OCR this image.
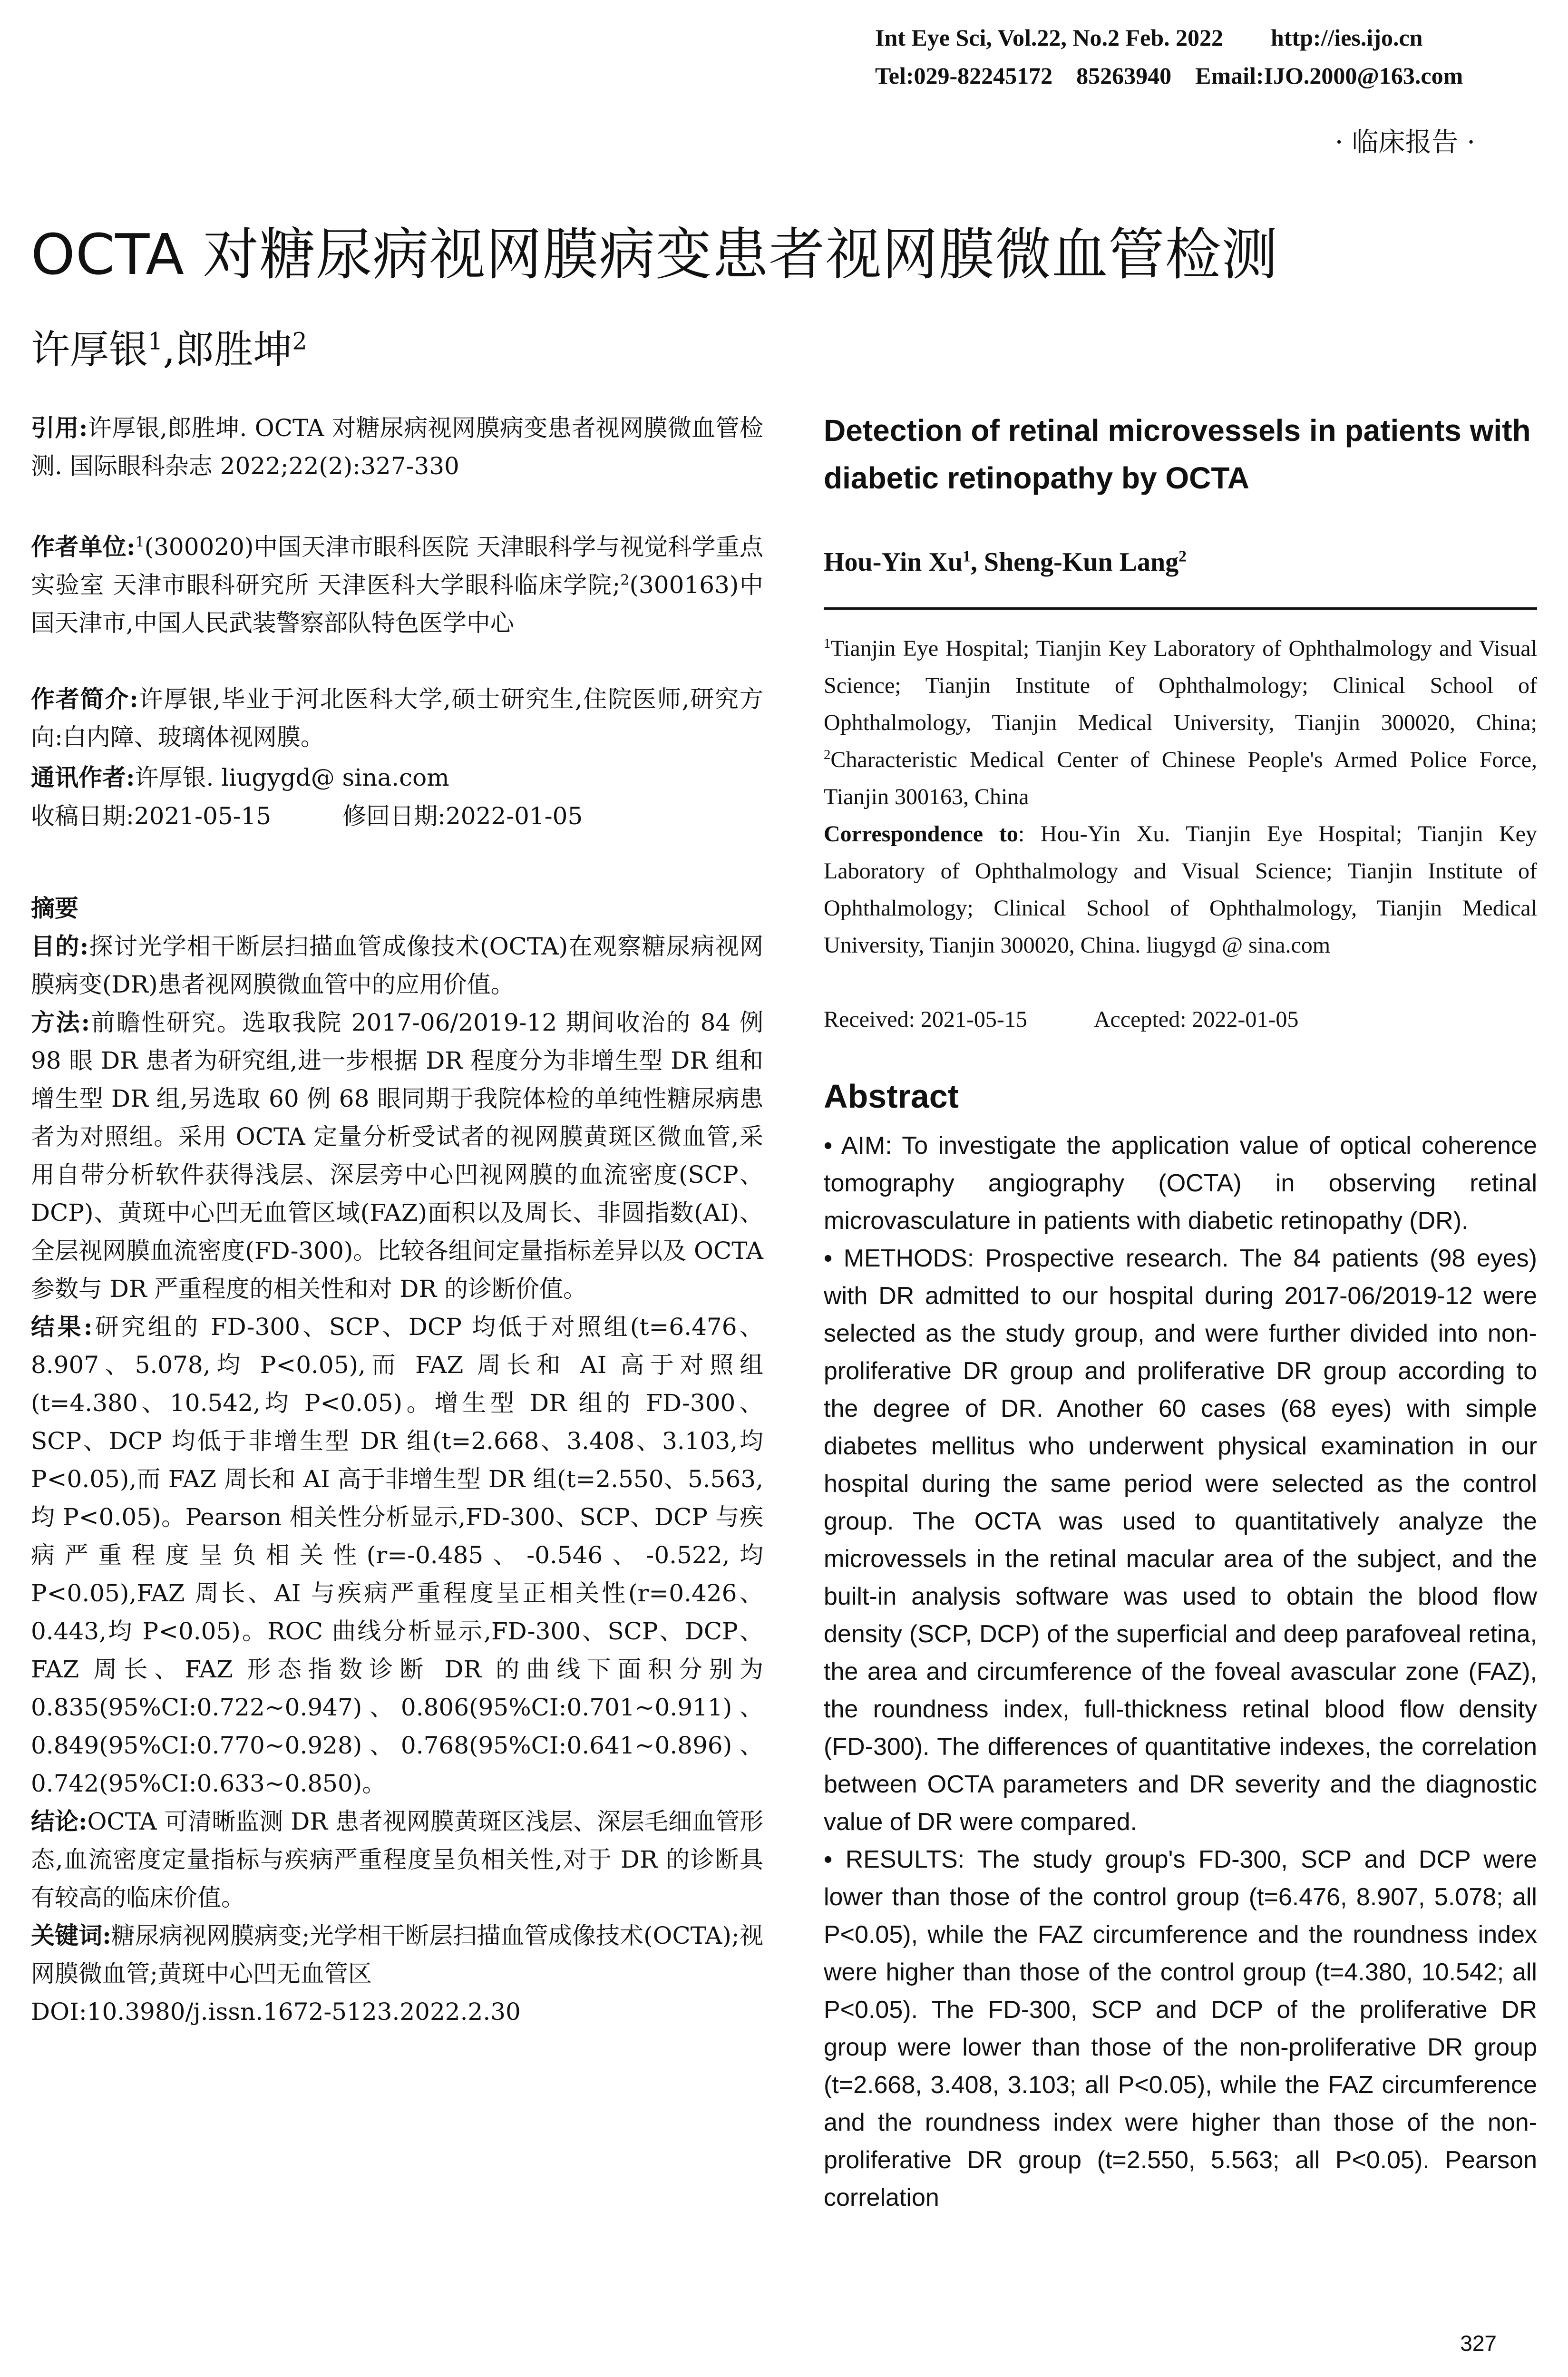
Int Eye Sci, Vol.22, No.2 Feb. 2022        http://ies.ijo.cn
Tel:029-82245172    85263940    Email:IJO.2000@163.com
· 临床报告 ·
OCTA 对糖尿病视网膜病变患者视网膜微血管检测
许厚银$^1$,郎胜坤$^2$
引用:许厚银,郎胜坤. OCTA 对糖尿病视网膜病变患者视网膜微血管检测. 国际眼科杂志 2022;22(2):327-330
作者单位:$^1$(300020)中国天津市眼科医院 天津眼科学与视觉科学重点实验室 天津市眼科研究所 天津医科大学眼科临床学院;$^2$(300163)中国天津市,中国人民武装警察部队特色医学中心
作者简介:许厚银,毕业于河北医科大学,硕士研究生,住院医师,研究方向:白内障、玻璃体视网膜。
通讯作者:许厚银. liugygd@ sina.com
收稿日期:2021-05-15	修回日期:2022-01-05
摘要

目的:探讨光学相干断层扫描血管成像技术(OCTA)在观察糖尿病视网膜病变(DR)患者视网膜微血管中的应用价值。

方法:前瞻性研究。选取我院 2017-06/2019-12 期间收治的 84 例 98 眼 DR 患者为研究组,进一步根据 DR 程度分为非增生型 DR 组和增生型 DR 组,另选取 60 例 68 眼同期于我院体检的单纯性糖尿病患者为对照组。采用 OCTA 定量分析受试者的视网膜黄斑区微血管,采用自带分析软件获得浅层、深层旁中心凹视网膜的血流密度(SCP、DCP)、黄斑中心凹无血管区域(FAZ)面积以及周长、非圆指数(AI)、全层视网膜血流密度(FD-300)。比较各组间定量指标差异以及 OCTA 参数与 DR 严重程度的相关性和对 DR 的诊断价值。

结果:研究组的 FD-300、SCP、DCP 均低于对照组(t=6.476、8.907、5.078,均 P<0.05),而 FAZ 周长和 AI 高于对照组(t=4.380、10.542,均 P<0.05)。增生型 DR 组的 FD-300、SCP、DCP 均低于非增生型 DR 组(t=2.668、3.408、3.103,均 P<0.05),而 FAZ 周长和 AI 高于非增生型 DR 组(t=2.550、5.563,均 P<0.05)。Pearson 相关性分析显示,FD-300、SCP、DCP 与疾病严重程度呈负相关性(r=-0.485、-0.546、-0.522,均 P<0.05),FAZ 周长、AI 与疾病严重程度呈正相关性(r=0.426、0.443,均 P<0.05)。ROC 曲线分析显示,FD-300、SCP、DCP、FAZ 周长、FAZ 形态指数诊断 DR 的曲线下面积分别为 0.835(95%CI:0.722~0.947)、0.806(95%CI:0.701~0.911)、0.849(95%CI:0.770~0.928)、0.768(95%CI:0.641~0.896)、0.742(95%CI:0.633~0.850)。

结论:OCTA 可清晰监测 DR 患者视网膜黄斑区浅层、深层毛细血管形态,血流密度定量指标与疾病严重程度呈负相关性,对于 DR 的诊断具有较高的临床价值。

关键词:糖尿病视网膜病变;光学相干断层扫描血管成像技术(OCTA);视网膜微血管;黄斑中心凹无血管区

DOI:10.3980/j.issn.1672-5123.2022.2.30

Detection of retinal microvessels in patients with diabetic retinopathy by OCTA
Hou-Yin Xu$^1$, Sheng-Kun Lang$^2$
$^1$Tianjin Eye Hospital; Tianjin Key Laboratory of Ophthalmology and Visual Science; Tianjin Institute of Ophthalmology; Clinical School of Ophthalmology, Tianjin Medical University, Tianjin 300020, China; $^2$Characteristic Medical Center of Chinese People's Armed Police Force, Tianjin 300163, China
Correspondence to: Hou-Yin Xu. Tianjin Eye Hospital; Tianjin Key Laboratory of Ophthalmology and Visual Science; Tianjin Institute of Ophthalmology; Clinical School of Ophthalmology, Tianjin Medical University, Tianjin 300020, China. liugygd @ sina.com
Received: 2021-05-15	Accepted: 2022-01-05
Abstract

• AIM: To investigate the application value of optical coherence tomography angiography (OCTA) in observing retinal microvasculature in patients with diabetic retinopathy (DR).

• METHODS: Prospective research. The 84 patients (98 eyes) with DR admitted to our hospital during 2017-06/2019-12 were selected as the study group, and were further divided into non-proliferative DR group and proliferative DR group according to the degree of DR. Another 60 cases (68 eyes) with simple diabetes mellitus who underwent physical examination in our hospital during the same period were selected as the control group. The OCTA was used to quantitatively analyze the microvessels in the retinal macular area of the subject, and the built-in analysis software was used to obtain the blood flow density (SCP, DCP) of the superficial and deep parafoveal retina, the area and circumference of the foveal avascular zone (FAZ), the roundness index, full-thickness retinal blood flow density (FD-300). The differences of quantitative indexes, the correlation between OCTA parameters and DR severity and the diagnostic value of DR were compared.

• RESULTS: The study group's FD-300, SCP and DCP were lower than those of the control group (t=6.476, 8.907, 5.078; all P<0.05), while the FAZ circumference and the roundness index were higher than those of the control group (t=4.380, 10.542; all P<0.05). The FD-300, SCP and DCP of the proliferative DR group were lower than those of the non-proliferative DR group (t=2.668, 3.408, 3.103; all P<0.05), while the FAZ circumference and the roundness index were higher than those of the non-proliferative DR group (t=2.550, 5.563; all P<0.05). Pearson correlation

327
